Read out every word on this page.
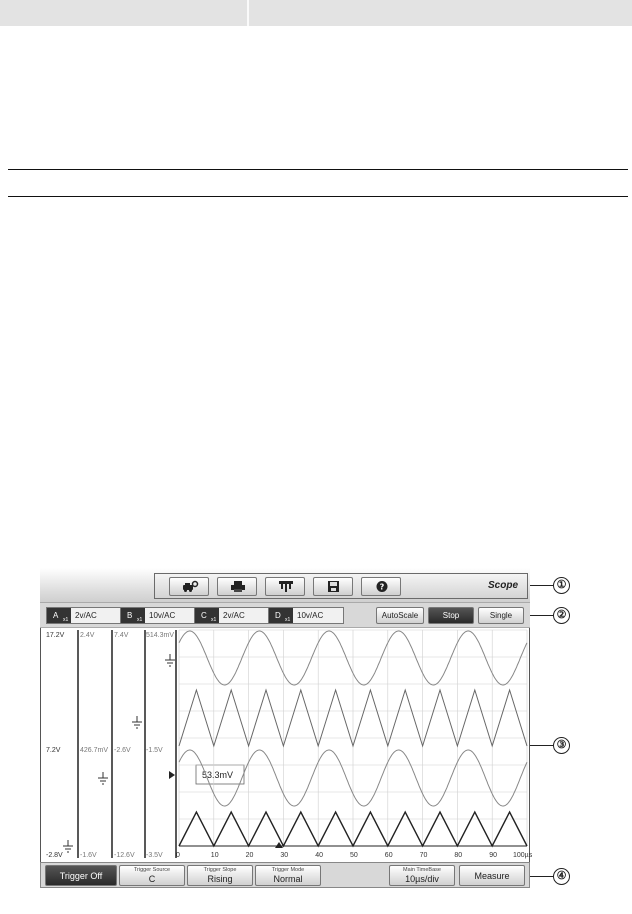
?	Scope
A x1 2v/AC	B x1 10v/AC	C x1 2v/AC	D x1 10v/AC	AutoScale	Stop	Single
17.2V
7.2V
-2.8V
2.4V
426.7mV
-1.6V
7.4V
-2.6V
-12.6V
514.3mV
-1.5V
-3.5V
53.3mV
0	10	20	30	40	50	60	70	80	90 100µs
Trigger Off
Trigger Source
C
Trigger Slope
Rising
Trigger Mode
Normal
Main TimeBase
10µs/div	Measure
①
②
③
④
